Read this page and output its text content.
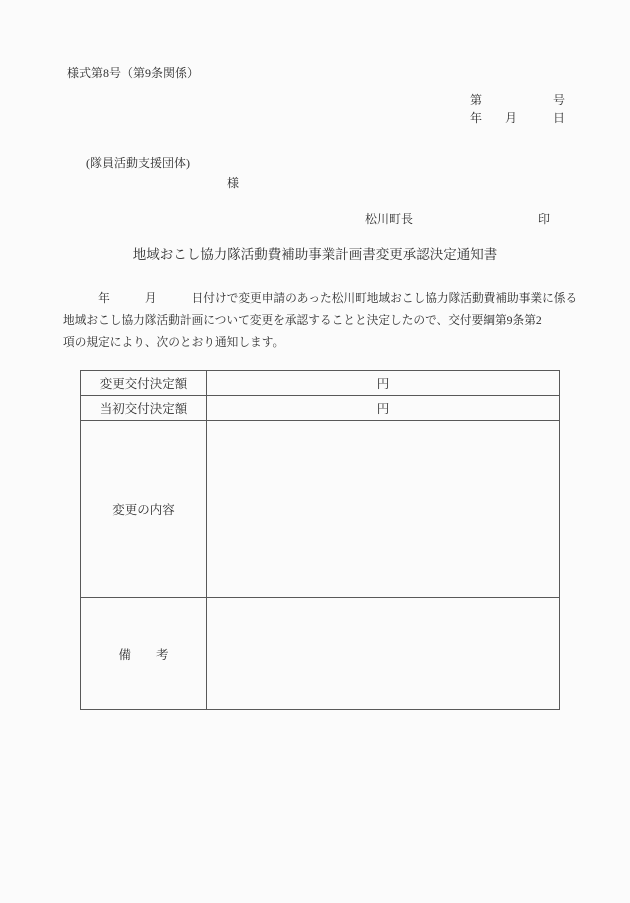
様式第8号（第9条関係）
第	号
年 月	日
(隊員活動支援団体)
様
松川町長	印
地域おこし協力隊活動費補助事業計画書変更承認決定通知書
　　　年　　　月　　　日付けで変更申請のあった松川町地域おこし協力隊活動費補助事業に係る
地域おこし協力隊活動計画について変更を承認することと決定したので、交付要綱第9条第2
項の規定により、次のとおり通知します。
変更交付決定額	円
当初交付決定額	円
変更の内容	
備　　考	
